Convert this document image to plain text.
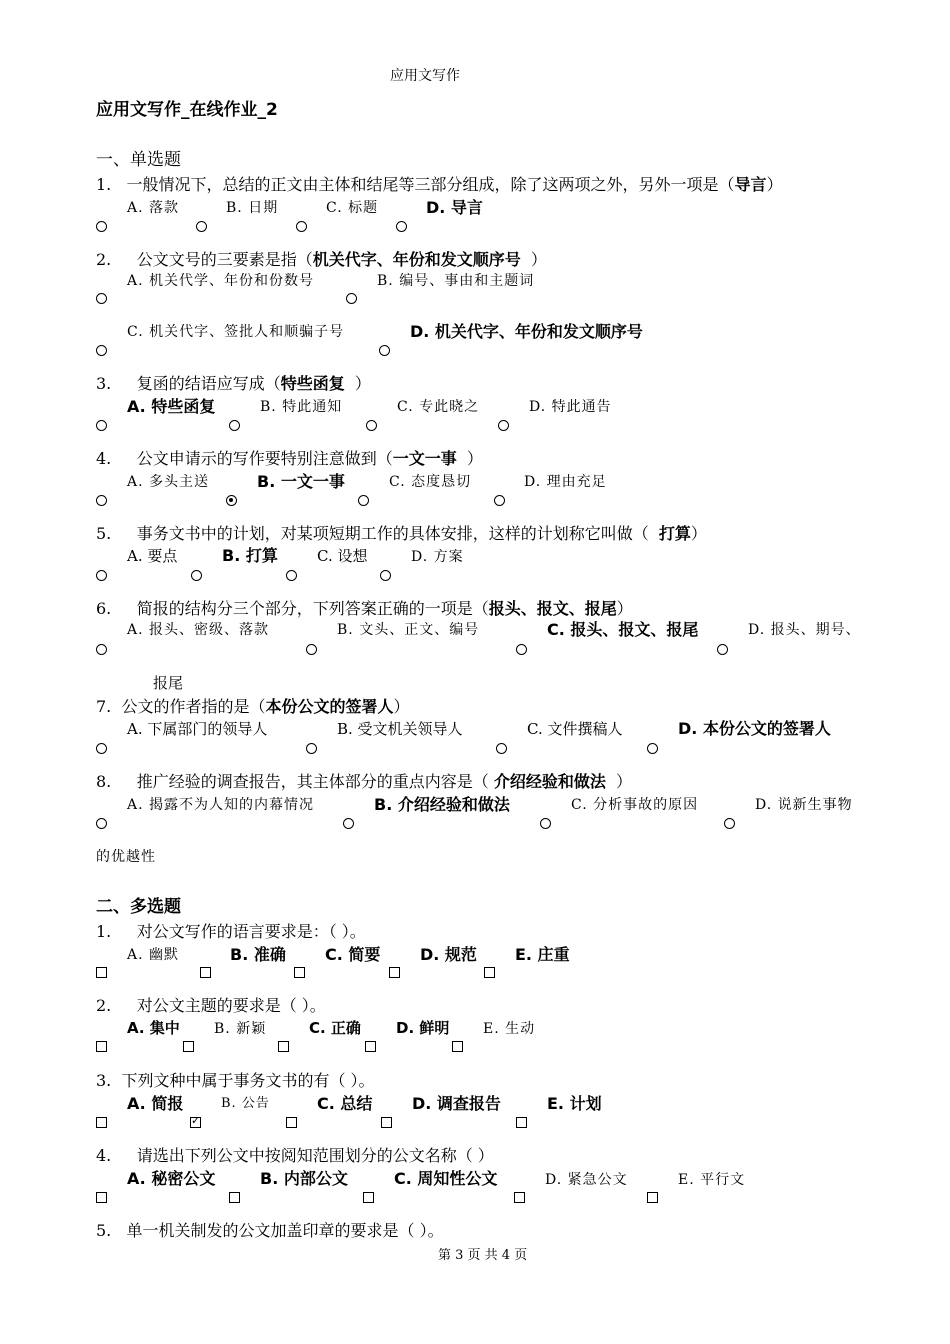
应用文写作
应用文写作_在线作业_2
一、单选题
1. 一般情况下，总结的正文由主体和结尾等三部分组成，除了这两项之外，另外一项是（导言）
A. 落款	B. 日期	C. 标题	D. 导言
2. 公文文号的三要素是指（机关代字、年份和发文顺序号 ）
A. 机关代学、年份和份数号	B. 编号、事由和主题词
C. 机关代字、签批人和顺骗子号	D. 机关代字、年份和发文顺序号
3. 复函的结语应写成（特些函复 ）
A. 特些函复	B. 特此通知	C. 专此晓之	D. 特此通告
4. 公文申请示的写作要特别注意做到（一文一事 ）
A. 多头主送	B. 一文一事	C. 态度恳切	D. 理由充足
5. 事务文书中的计划，对某项短期工作的具体安排，这样的计划称它叫做（ 打算）
A. 要点	B. 打算	C. 设想	D. 方案
6. 简报的结构分三个部分，下列答案正确的一项是（报头、报文、报尾）
A. 报头、密级、落款	B. 文头、正文、编号	C. 报头、报文、报尾	D. 报头、期号、
报尾
7. 公文的作者指的是（本份公文的签署人）
A. 下属部门的领导人	B. 受文机关领导人	C. 文件撰稿人	D. 本份公文的签署人
8. 推广经验的调查报告，其主体部分的重点内容是（ 介绍经验和做法 ）
A. 揭露不为人知的内幕情况	B. 介绍经验和做法	C. 分析事故的原因	D. 说新生事物
的优越性
二、多选题
1. 对公文写作的语言要求是：（ ）。
A. 幽默	B. 准确 C. 简要 D. 规范 E. 庄重
2. 对公文主题的要求是（ ）。
A. 集中 B. 新颖	C. 正确 D. 鲜明 E. 生动
3. 下列文种中属于事务文书的有（ ）。
A. 简报	B. 公告	C. 总结 D. 调查报告	E. 计划
✓
4. 请选出下列公文中按阅知范围划分的公文名称（ ）
A. 秘密公文	B. 内部公文	C. 周知性公文	D. 紧急公文	E. 平行文
5. 单一机关制发的公文加盖印章的要求是（ ）。
第 3 页 共 4 页
